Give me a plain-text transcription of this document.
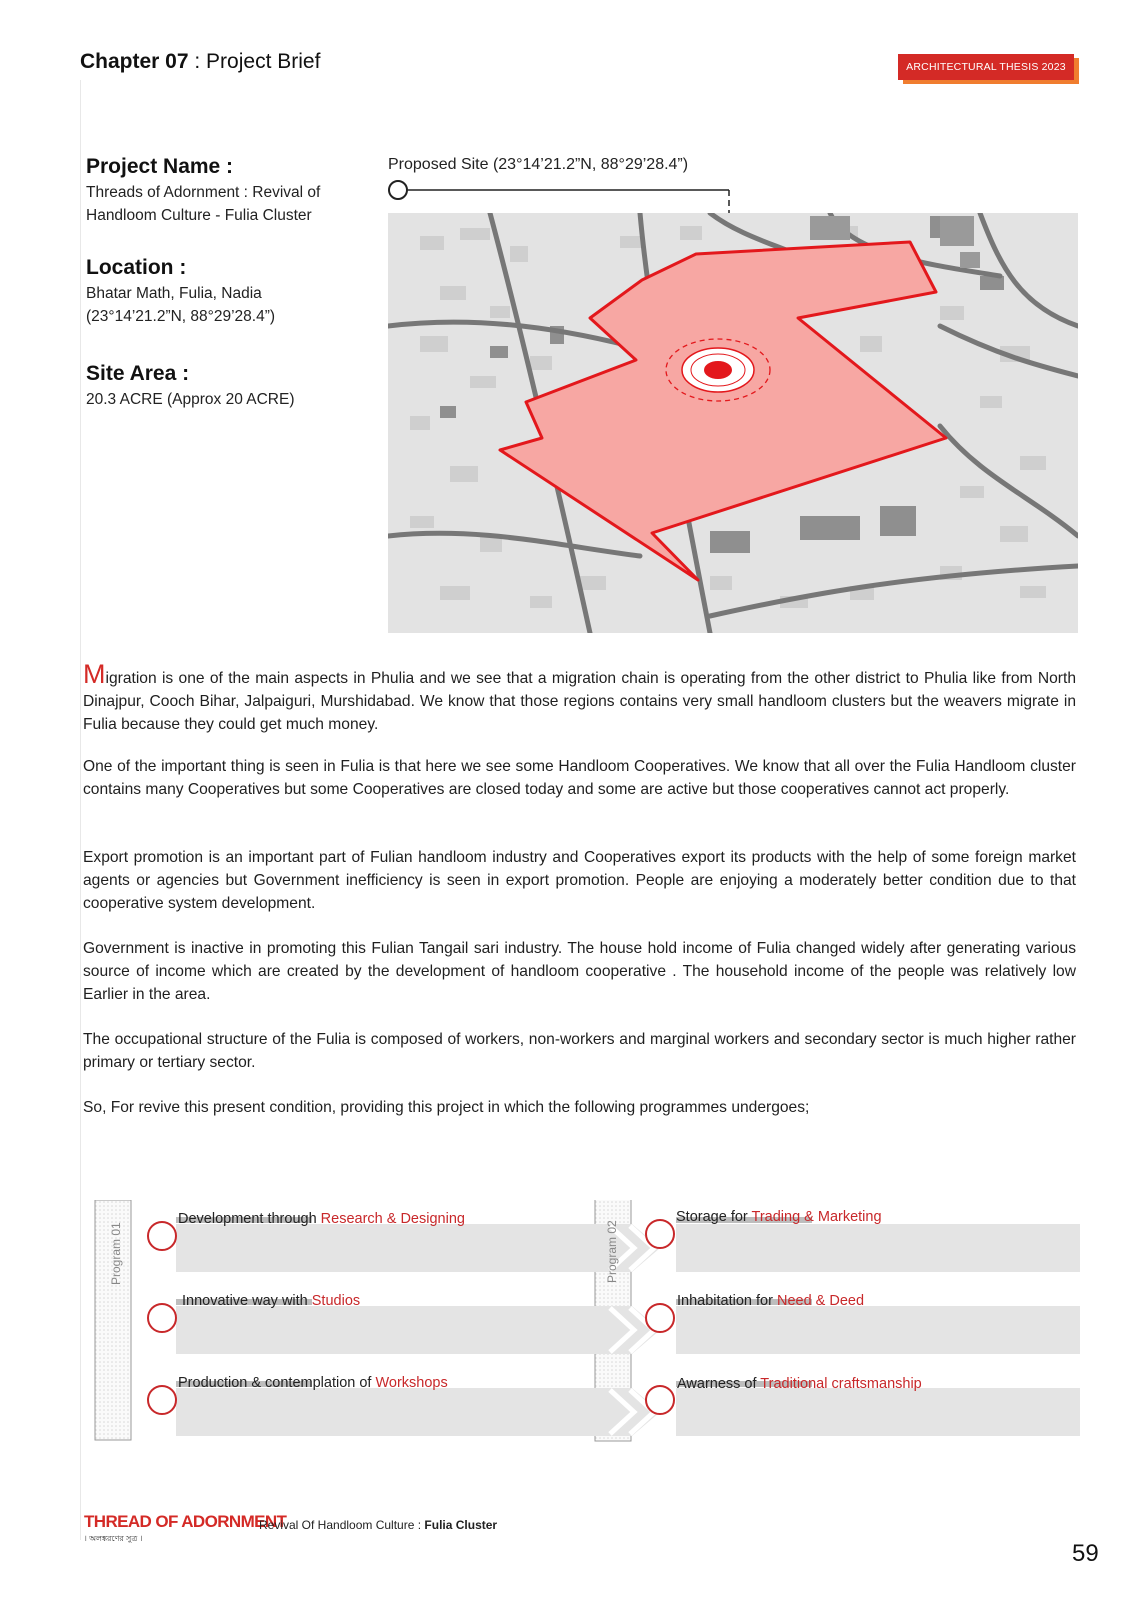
Chapter 07 : Project Brief	ARCHITECTURAL THESIS 2023
Project Name :
Threads of Adornment : Revival of
Handloom Culture - Fulia Cluster
Location :
Bhatar Math, Fulia, Nadia
(23°14’21.2”N, 88°29’28.4”)
Site Area :
20.3 ACRE (Approx 20 ACRE)
Proposed Site (23°14’21.2”N, 88°29’28.4”)
Migration is one of the main aspects in Phulia and we see that a migration chain is operating from the other district to Phulia like from North Dinajpur, Cooch Bihar, Jalpaiguri, Murshidabad. We know that those regions contains very small handloom clusters but the weavers migrate in Fulia because they could get much money.
One of the important thing is seen in Fulia is that here we see some Handloom Cooperatives. We know that all over the Fulia Handloom cluster contains many Cooperatives but some Cooperatives are closed today and some are active but those cooperatives cannot act properly.
Export promotion is an important part of Fulian handloom industry and Cooperatives export its products with the help of some foreign market agents or agencies but Government inefficiency is seen in export promotion. People are enjoying a moderately better condition due to that cooperative system development.
Government is inactive in promoting this Fulian Tangail sari industry. The house hold income of Fulia changed widely after generating various source of income which are created by the development of handloom cooperative . The household income of the people was relatively low Earlier in the area.
The occupational structure of the Fulia is composed of workers, non-workers and marginal workers and secondary sector is much higher rather primary or tertiary sector.
So, For revive this present condition, providing this project in which the following programmes undergoes;
Program 01	Program 02
Development through Research & Designing
Innovative way with Studios
Production & contemplation of Workshops
Storage for Trading & Marketing
Inhabitation for Need & Deed
Awarness of Traditional craftsmanship
THREAD OF ADORNMENT
Revival Of Handloom Culture : Fulia Cluster
। অলঙ্করণের সুত্র ।
59
